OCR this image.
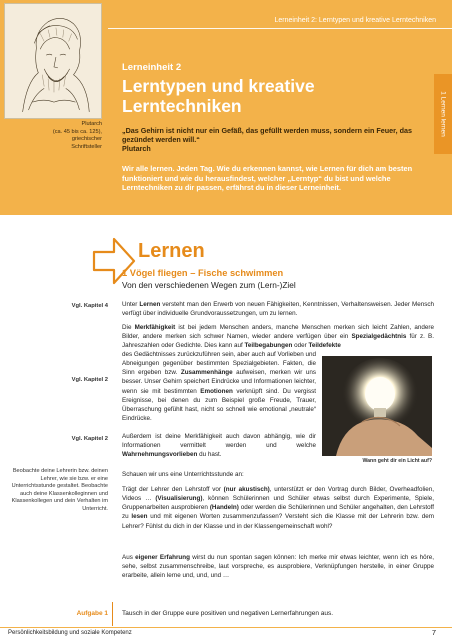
Lerneinheit 2: Lerntypen und kreative Lerntechniken
Plutarch
(ca. 45 bis ca. 125),
griechischer
Schriftsteller
1 Lernen lernen
Lerneinheit 2
Lerntypen und kreative Lerntechniken
„Das Gehirn ist nicht nur ein Gefäß, das gefüllt werden muss, sondern ein Feuer, das gezündet werden will.“
Plutarch
Wir alle lernen. Jeden Tag. Wie du erkennen kannst, wie Lernen für dich am besten funktioniert und wie du herausfindest, welcher „Lerntyp“ du bist und welche Lerntechniken zu dir passen, erfährst du in dieser Lerneinheit.
Lernen
1 Vögel fliegen – Fische schwimmen
Von den verschiedenen Wegen zum (Lern-)Ziel
Vgl. Kapitel 4
Vgl. Kapitel 2
Vgl. Kapitel 2
Beobachte deine Lehrerin bzw. deinen Lehrer, wie sie bzw. er eine Unterrichtsstunde gestaltet. Beobachte auch deine Klassenkolleginnen und Klassenkollegen und dein Verhalten im Unterricht.
Aufgabe 1
Unter Lernen versteht man den Erwerb von neuen Fähigkeiten, Kenntnissen, Verhaltensweisen. Jeder Mensch verfügt über individuelle Grundvoraussetzungen, um zu lernen.
Die Merkfähigkeit ist bei jedem Menschen anders, manche Menschen merken sich leicht Zahlen, andere Bilder, andere merken sich schwer Namen, wieder andere verfügen über ein Spezialgedächtnis für z. B. Jahreszahlen oder Gedichte. Dies kann auf Teilbegabungen oder Teildefekte
des Gedächtnisses zurückzuführen sein, aber auch auf Vorlieben und Abneigungen gegenüber bestimmten Spezialgebieten. Fakten, die Sinn ergeben bzw. Zusammenhänge aufweisen, merken wir uns besser. Unser Gehirn speichert Eindrücke und Informationen leichter, wenn sie mit bestimmten Emotionen verknüpft sind. Du vergisst Ereignisse, bei denen du zum Beispiel große Freude, Trauer, Überraschung gefühlt hast, nicht so schnell wie emotional „neutrale“ Eindrücke.
Außerdem ist deine Merkfähigkeit auch davon abhängig, wie dir Informationen vermittelt werden und welche Wahrnehmungsvorlieben du hast.
Wann geht dir ein Licht auf?
Schauen wir uns eine Unterrichtsstunde an:
Trägt der Lehrer den Lehrstoff vor (nur akustisch), unterstützt er den Vortrag durch Bilder, Overheadfolien, Videos … (Visualisierung), können Schülerinnen und Schüler etwas selbst durch Experimente, Spiele, Gruppenarbeiten ausprobieren (Handeln) oder werden die Schülerinnen und Schüler angehalten, den Lehrstoff zu lesen und mit eigenen Worten zusammenzufassen? Versteht sich die Klasse mit der Lehrerin bzw. dem Lehrer? Fühlst du dich in der Klasse und in der Klassengemeinschaft wohl?
Aus eigener Erfahrung wirst du nun spontan sagen können: Ich merke mir etwas leichter, wenn ich es höre, sehe, selbst zusammenschreibe, laut vorspreche, es ausprobiere, Verknüpfungen herstelle, in einer Gruppe erarbeite, allein lerne und, und, und …
Tausch in der Gruppe eure positiven und negativen Lernerfahrungen aus.
Persönlichkeitsbildung und soziale Kompetenz	7
